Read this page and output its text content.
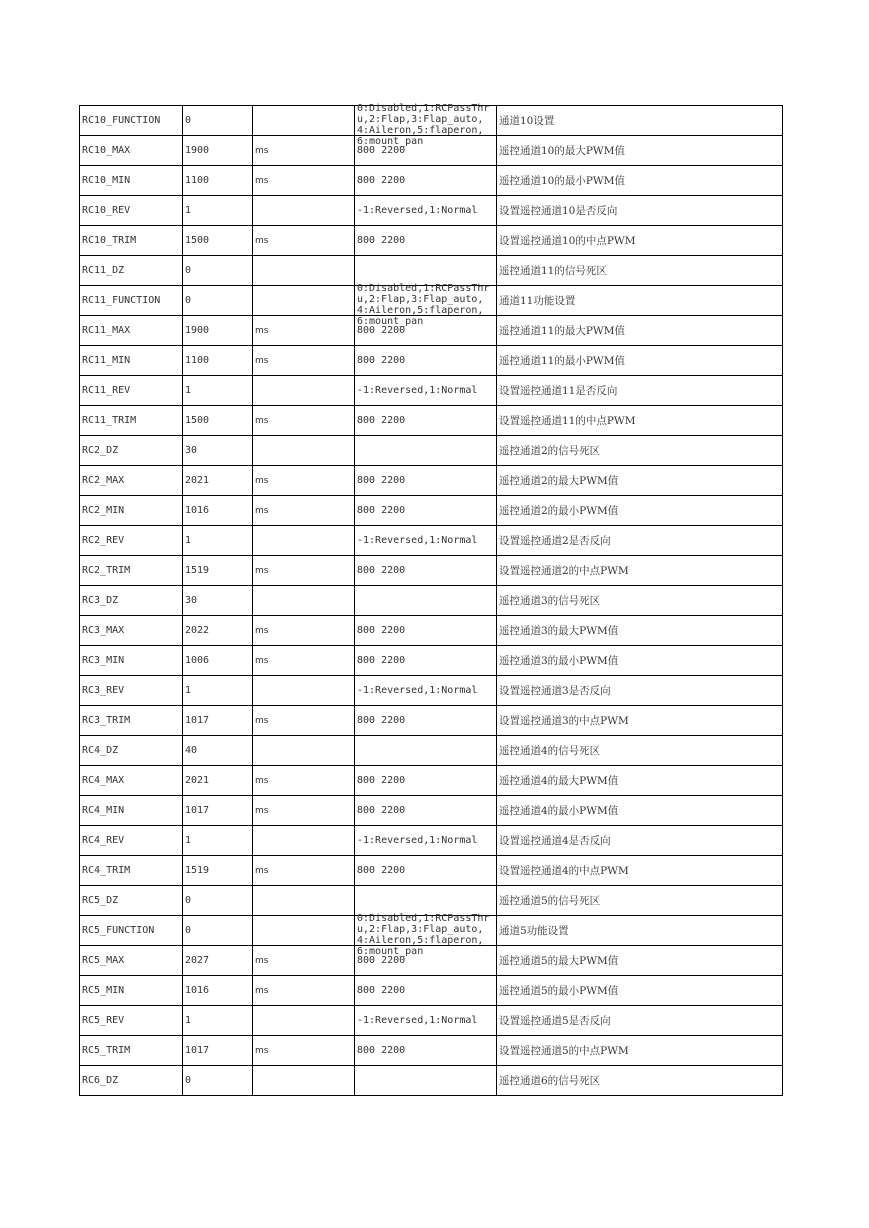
RC10_FUNCTION	0		0:Disabled,1:RCPassThru,2:Flap,3:Flap_auto,4:Aileron,5:flaperon,6:mount_pan	通道10设置
RC10_MAX	1900	ms	800 2200	遥控通道10的最大PWM值
RC10_MIN	1100	ms	800 2200	遥控通道10的最小PWM值
RC10_REV	1		-1:Reversed,1:Normal	设置遥控通道10是否反向
RC10_TRIM	1500	ms	800 2200	设置遥控通道10的中点PWM
RC11_DZ	0			遥控通道11的信号死区
RC11_FUNCTION	0		0:Disabled,1:RCPassThru,2:Flap,3:Flap_auto,4:Aileron,5:flaperon,6:mount_pan	通道11功能设置
RC11_MAX	1900	ms	800 2200	遥控通道11的最大PWM值
RC11_MIN	1100	ms	800 2200	遥控通道11的最小PWM值
RC11_REV	1		-1:Reversed,1:Normal	设置遥控通道11是否反向
RC11_TRIM	1500	ms	800 2200	设置遥控通道11的中点PWM
RC2_DZ	30			遥控通道2的信号死区
RC2_MAX	2021	ms	800 2200	遥控通道2的最大PWM值
RC2_MIN	1016	ms	800 2200	遥控通道2的最小PWM值
RC2_REV	1		-1:Reversed,1:Normal	设置遥控通道2是否反向
RC2_TRIM	1519	ms	800 2200	设置遥控通道2的中点PWM
RC3_DZ	30			遥控通道3的信号死区
RC3_MAX	2022	ms	800 2200	遥控通道3的最大PWM值
RC3_MIN	1006	ms	800 2200	遥控通道3的最小PWM值
RC3_REV	1		-1:Reversed,1:Normal	设置遥控通道3是否反向
RC3_TRIM	1017	ms	800 2200	设置遥控通道3的中点PWM
RC4_DZ	40			遥控通道4的信号死区
RC4_MAX	2021	ms	800 2200	遥控通道4的最大PWM值
RC4_MIN	1017	ms	800 2200	遥控通道4的最小PWM值
RC4_REV	1		-1:Reversed,1:Normal	设置遥控通道4是否反向
RC4_TRIM	1519	ms	800 2200	设置遥控通道4的中点PWM
RC5_DZ	0			遥控通道5的信号死区
RC5_FUNCTION	0		0:Disabled,1:RCPassThru,2:Flap,3:Flap_auto,4:Aileron,5:flaperon,6:mount_pan	通道5功能设置
RC5_MAX	2027	ms	800 2200	遥控通道5的最大PWM值
RC5_MIN	1016	ms	800 2200	遥控通道5的最小PWM值
RC5_REV	1		-1:Reversed,1:Normal	设置遥控通道5是否反向
RC5_TRIM	1017	ms	800 2200	设置遥控通道5的中点PWM
RC6_DZ	0			遥控通道6的信号死区
